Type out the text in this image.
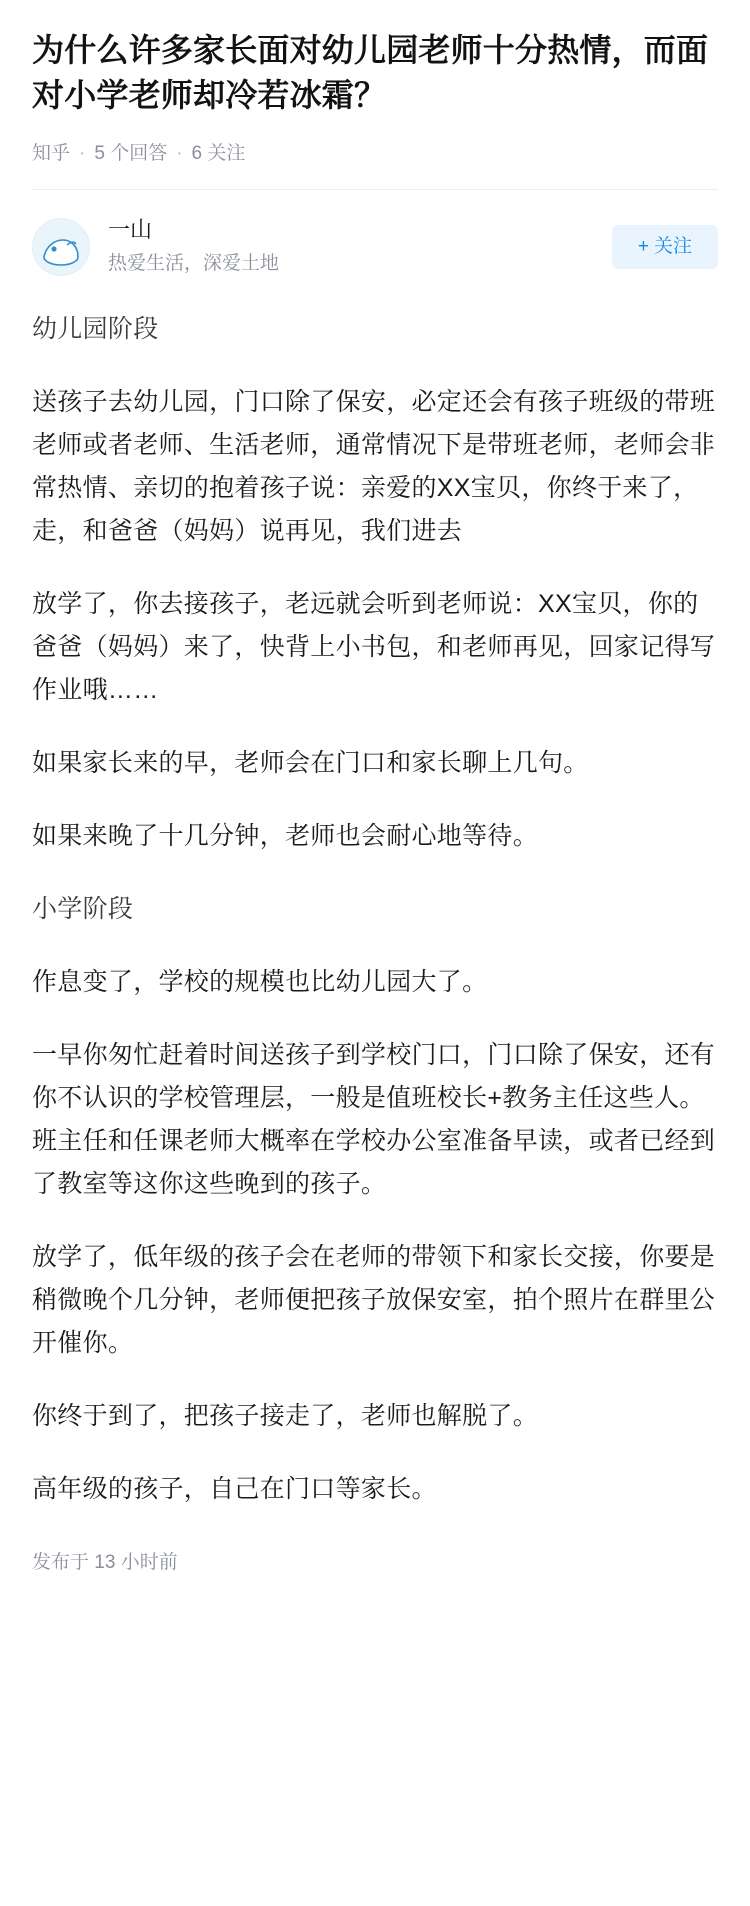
为什么许多家长面对幼儿园老师十分热情，而面对小学老师却冷若冰霜？
知乎 · 5 个回答 · 6 关注
一山
热爱生活，深爱土地
+ 关注

幼儿园阶段

送孩子去幼儿园，门口除了保安，必定还会有孩子班级的带班老师或者老师、生活老师，通常情况下是带班老师，老师会非常热情、亲切的抱着孩子说：亲爱的XX宝贝，你终于来了，走，和爸爸（妈妈）说再见，我们进去

放学了，你去接孩子，老远就会听到老师说：XX宝贝，你的爸爸（妈妈）来了，快背上小书包，和老师再见，回家记得写作业哦……

如果家长来的早，老师会在门口和家长聊上几句。

如果来晚了十几分钟，老师也会耐心地等待。

小学阶段

作息变了，学校的规模也比幼儿园大了。

一早你匆忙赶着时间送孩子到学校门口，门口除了保安，还有你不认识的学校管理层，一般是值班校长+教务主任这些人。班主任和任课老师大概率在学校办公室准备早读，或者已经到了教室等这你这些晚到的孩子。

放学了，低年级的孩子会在老师的带领下和家长交接，你要是稍微晚个几分钟，老师便把孩子放保安室，拍个照片在群里公开催你。

你终于到了，把孩子接走了，老师也解脱了。

高年级的孩子，自己在门口等家长。

发布于 13 小时前
